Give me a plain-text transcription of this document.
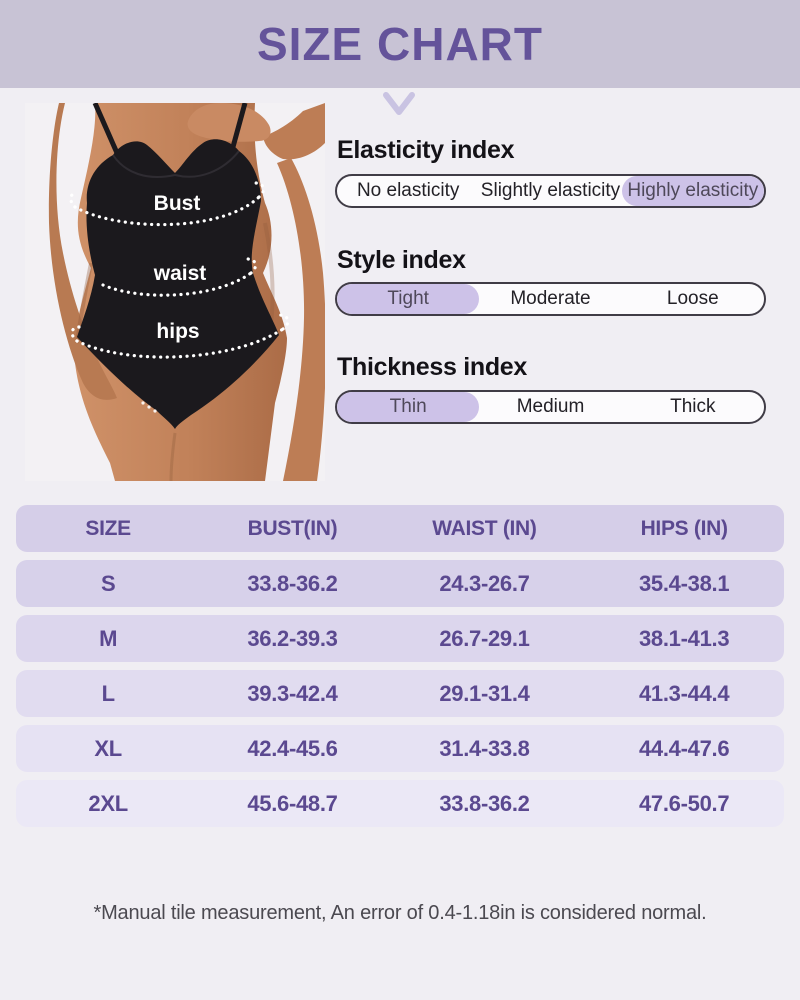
SIZE CHART
Bust
waist
hips
Elasticity index
No elasticity	Slightly elasticity Highly elasticity
Style index
Tight	Moderate	Loose
Thickness index
Thin	Medium	Thick
SIZE	BUST(IN)	WAIST (IN)	HIPS (IN)
S	33.8-36.2	24.3-26.7	35.4-38.1
M	36.2-39.3	26.7-29.1	38.1-41.3
L	39.3-42.4	29.1-31.4	41.3-44.4
XL	42.4-45.6	31.4-33.8	44.4-47.6
2XL	45.6-48.7	33.8-36.2	47.6-50.7

*Manual tile measurement, An error of 0.4-1.18in is considered normal.
